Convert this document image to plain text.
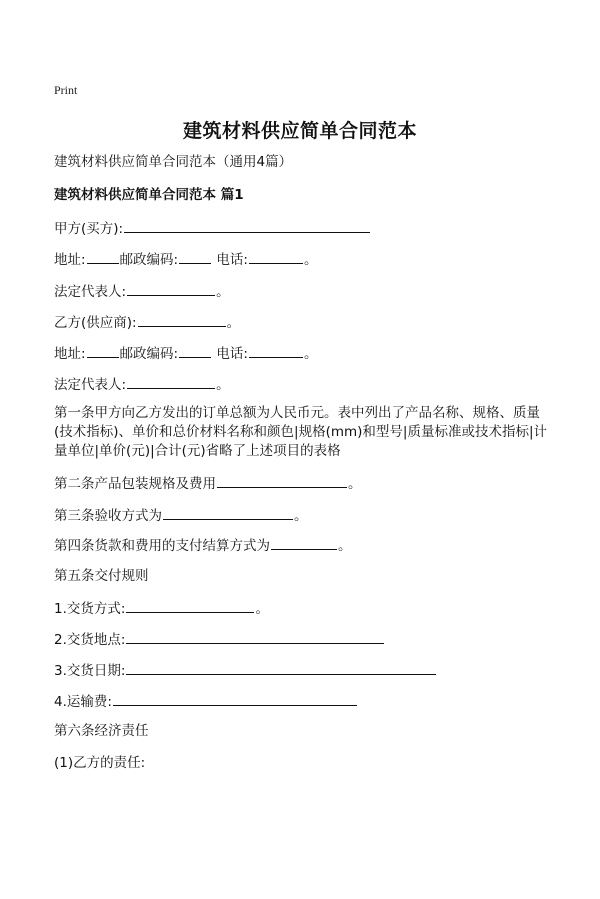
Print
建筑材料供应简单合同范本
建筑材料供应简单合同范本（通用4篇）
建筑材料供应简单合同范本 篇1
甲方(买方):
地址:	邮政编码:	电话:	。
法定代表人:	。
乙方(供应商):	。
地址:	邮政编码:	电话:	。
法定代表人:	。
第一条甲方向乙方发出的订单总额为人民币元。表中列出了产品名称、规格、质量(技术指标)、单价和总价材料名称和颜色|规格(mm)和型号|质量标准或技术指标|计量单位|单价(元)|合计(元)省略了上述项目的表格
第二条产品包装规格及费用	。
第三条验收方式为	。
第四条货款和费用的支付结算方式为	。
第五条交付规则
1.交货方式:	。
2.交货地点:
3.交货日期:
4.运输费:
第六条经济责任
(1)乙方的责任:
